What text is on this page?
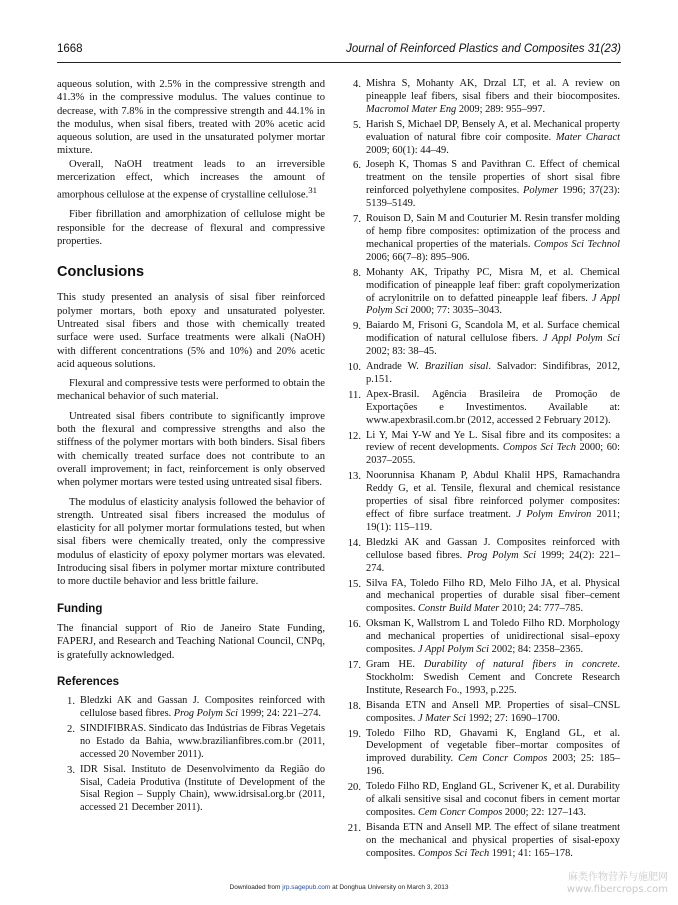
1668	Journal of Reinforced Plastics and Composites 31(23)

aqueous solution, with 2.5% in the compressive strength and 41.3% in the compressive modulus. The values continue to decrease, with 7.8% in the compressive strength and 44.1% in the modulus, when sisal fibers, treated with 20% acetic acid aqueous solution, are used in the unsaturated polymer mortar mixture.

Overall, NaOH treatment leads to an irreversible mercerization effect, which increases the amount of amorphous cellulose at the expense of crystalline cellulose.$^{31}$

Fiber fibrillation and amorphization of cellulose might be responsible for the decrease of flexural and compressive properties.

Conclusions

This study presented an analysis of sisal fiber reinforced polymer mortars, both epoxy and unsaturated polyester. Untreated sisal fibers and those with chemically treated surface were used. Surface treatments were alkali (NaOH) with different concentrations (5% and 10%) and 20% acetic acid aqueous solutions.

Flexural and compressive tests were performed to obtain the mechanical behavior of such material.

Untreated sisal fibers contribute to significantly improve both the flexural and compressive strengths and also the stiffness of the polymer mortars with both binders. Sisal fibers with chemically treated surface does not contribute to an overall improvement; in fact, reinforcement is only observed when polymer mortars were tested using untreated sisal fibers.

The modulus of elasticity analysis followed the behavior of strength. Untreated sisal fibers increased the modulus of elasticity for all polymer mortar formulations tested, but when sisal fibers were chemically treated, only the compressive modulus of elasticity of epoxy polymer mortars was elevated. Introducing sisal fibers in polymer mortar mixture contributed to more ductile behavior and less brittle failure.

Funding

The financial support of Rio de Janeiro State Funding, FAPERJ, and Research and Teaching National Council, CNPq, is gratefully acknowledged.

References
1. Bledzki AK and Gassan J. Composites reinforced with cellulose based fibres. Prog Polym Sci 1999; 24: 221–274.
2. SINDIFIBRAS. Sindicato das Indústrias de Fibras Vegetais no Estado da Bahia, www.brazilianfibres.com.br (2011, accessed 20 November 2011).
3. IDR Sisal. Instituto de Desenvolvimento da Região do Sisal, Cadeia Produtiva (Institute of Development of the Sisal Region – Supply Chain), www.idrsisal.org.br (2011, accessed 21 December 2011).
4. Mishra S, Mohanty AK, Drzal LT, et al. A review on pineapple leaf fibers, sisal fibers and their biocomposites. Macromol Mater Eng 2009; 289: 955–997.
5. Harish S, Michael DP, Bensely A, et al. Mechanical property evaluation of natural fibre coir composite. Mater Charact 2009; 60(1): 44–49.
6. Joseph K, Thomas S and Pavithran C. Effect of chemical treatment on the tensile properties of short sisal fibre reinforced polyethylene composites. Polymer 1996; 37(23): 5139–5149.
7. Rouison D, Sain M and Couturier M. Resin transfer molding of hemp fibre composites: optimization of the process and mechanical properties of the materials. Compos Sci Technol 2006; 66(7–8): 895–906.
8. Mohanty AK, Tripathy PC, Misra M, et al. Chemical modification of pineapple leaf fiber: graft copolymerization of acrylonitrile on to defatted pineapple leaf fibers. J Appl Polym Sci 2000; 77: 3035–3043.
9. Baiardo M, Frisoni G, Scandola M, et al. Surface chemical modification of natural cellulose fibers. J Appl Polym Sci 2002; 83: 38–45.
10. Andrade W. Brazilian sisal. Salvador: Sindifibras, 2012, p.151.
11. Apex-Brasil. Agência Brasileira de Promoção de Exportações e Investimentos. Available at: www.apexbrasil.com.br (2012, accessed 2 February 2012).
12. Li Y, Mai Y-W and Ye L. Sisal fibre and its composites: a review of recent developments. Compos Sci Tech 2000; 60: 2037–2055.
13. Noorunnisa Khanam P, Abdul Khalil HPS, Ramachandra Reddy G, et al. Tensile, flexural and chemical resistance properties of sisal fibre reinforced polymer composites: effect of fibre surface treatment. J Polym Environ 2011; 19(1): 115–119.
14. Bledzki AK and Gassan J. Composites reinforced with cellulose based fibres. Prog Polym Sci 1999; 24(2): 221–274.
15. Silva FA, Toledo Filho RD, Melo Filho JA, et al. Physical and mechanical properties of durable sisal fiber–cement composites. Constr Build Mater 2010; 24: 777–785.
16. Oksman K, Wallstrom L and Toledo Filho RD. Morphology and mechanical properties of unidirectional sisal–epoxy composites. J Appl Polym Sci 2002; 84: 2358–2365.
17. Gram HE. Durability of natural fibers in concrete. Stockholm: Swedish Cement and Concrete Research Institute, Research Fo., 1993, p.225.
18. Bisanda ETN and Ansell MP. Properties of sisal–CNSL composites. J Mater Sci 1992; 27: 1690–1700.
19. Toledo Filho RD, Ghavami K, England GL, et al. Development of vegetable fiber–mortar composites of improved durability. Cem Concr Compos 2003; 25: 185–196.
20. Toledo Filho RD, England GL, Scrivener K, et al. Durability of alkali sensitive sisal and coconut fibers in cement mortar composites. Cem Concr Compos 2000; 22: 127–143.
21. Bisanda ETN and Ansell MP. The effect of silane treatment on the mechanical and physical properties of sisal-epoxy composites. Compos Sci Tech 1991; 41: 165–178.
Downloaded from jrp.sagepub.com at Donghua University on March 3, 2013
麻类作物营养与施肥网
www.fibercrops.com
